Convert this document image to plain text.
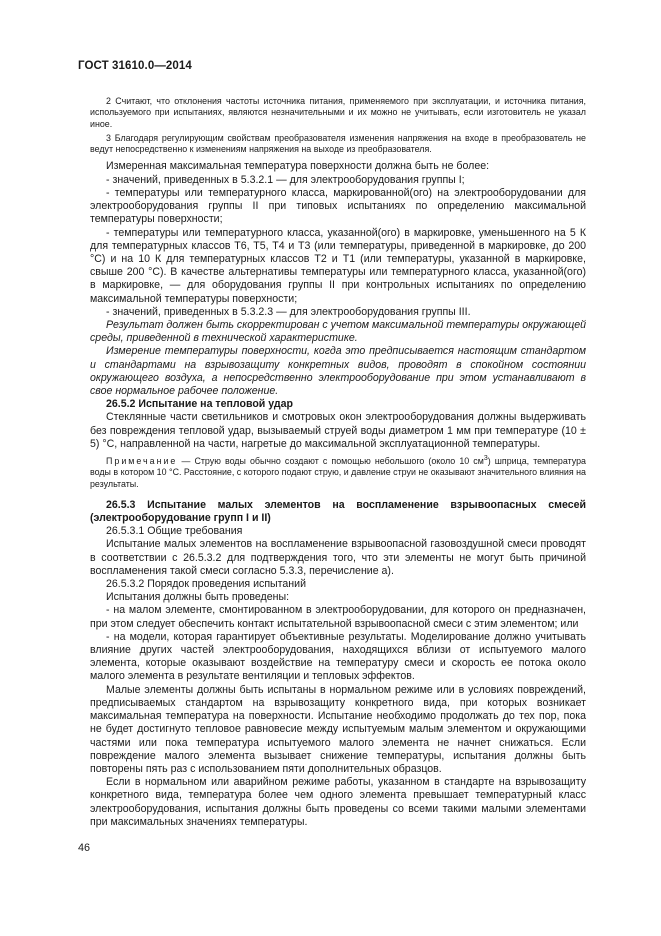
ГОСТ 31610.0—2014

2 Считают, что отклонения частоты источника питания, применяемого при эксплуатации, и источника питания, используемого при испытаниях, являются незначительными и их можно не учитывать, если изготовитель не указал иное.

3 Благодаря регулирующим свойствам преобразователя изменения напряжения на входе в преобразователь не ведут непосредственно к изменениям напряжения на выходе из преобразователя.

Измеренная максимальная температура поверхности должна быть не более:

- значений, приведенных в 5.3.2.1 — для электрооборудования группы I;

- температуры или температурного класса, маркированной(ого) на электрооборудовании для электрооборудования группы II при типовых испытаниях по определению максимальной температуры поверхности;

- температуры или температурного класса, указанной(ого) в маркировке, уменьшенного на 5 К для температурных классов Т6, Т5, Т4 и Т3 (или температуры, приведенной в маркировке, до 200 °С) и на 10 К для температурных классов Т2 и Т1 (или температуры, указанной в маркировке, свыше 200 °С). В качестве альтернативы температуры или температурного класса, указанной(ого) в маркировке, — для оборудования группы II при контрольных испытаниях по определению максимальной температуры поверхности;

- значений, приведенных в 5.3.2.3 — для электрооборудования группы III.

Результат должен быть скорректирован с учетом максимальной температуры окружающей среды, приведенной в технической характеристике.

Измерение температуры поверхности, когда это предписывается настоящим стандартом и стандартами на взрывозащиту конкретных видов, проводят в спокойном состоянии окружающего воздуха, а непосредственно электрооборудование при этом устанавливают в свое нормальное рабочее положение.

26.5.2 Испытание на тепловой удар

Стеклянные части светильников и смотровых окон электрооборудования должны выдерживать без повреждения тепловой удар, вызываемый струей воды диаметром 1 мм при температуре (10 ± 5) °С, направленной на части, нагретые до максимальной эксплуатационной температуры.

Примечание — Струю воды обычно создают с помощью небольшого (около 10 $см^3$) шприца, температура воды в котором 10 °С. Расстояние, с которого подают струю, и давление струи не оказывают значительного влияния на результаты.

26.5.3 Испытание малых элементов на воспламенение взрывоопасных смесей (электрооборудование групп I и II)

26.5.3.1 Общие требования

Испытание малых элементов на воспламенение взрывоопасной газовоздушной смеси проводят в соответствии с 26.5.3.2 для подтверждения того, что эти элементы не могут быть причиной воспламенения такой смеси согласно 5.3.3, перечисление а).

26.5.3.2 Порядок проведения испытаний

Испытания должны быть проведены:

- на малом элементе, смонтированном в электрооборудовании, для которого он предназначен, при этом следует обеспечить контакт испытательной взрывоопасной смеси с этим элементом; или

- на модели, которая гарантирует объективные результаты. Моделирование должно учитывать влияние других частей электрооборудования, находящихся вблизи от испытуемого малого элемента, которые оказывают воздействие на температуру смеси и скорость ее потока около малого элемента в результате вентиляции и тепловых эффектов.

Малые элементы должны быть испытаны в нормальном режиме или в условиях повреждений, предписываемых стандартом на взрывозащиту конкретного вида, при которых возникает максимальная температура на поверхности. Испытание необходимо продолжать до тех пор, пока не будет достигнуто тепловое равновесие между испытуемым малым элементом и окружающими частями или пока температура испытуемого малого элемента не начнет снижаться. Если повреждение малого элемента вызывает снижение температуры, испытания должны быть повторены пять раз с использованием пяти дополнительных образцов.

Если в нормальном или аварийном режиме работы, указанном в стандарте на взрывозащиту конкретного вида, температура более чем одного элемента превышает температурный класс электрооборудования, испытания должны быть проведены со всеми такими малыми элементами при максимальных значениях температуры.

46
